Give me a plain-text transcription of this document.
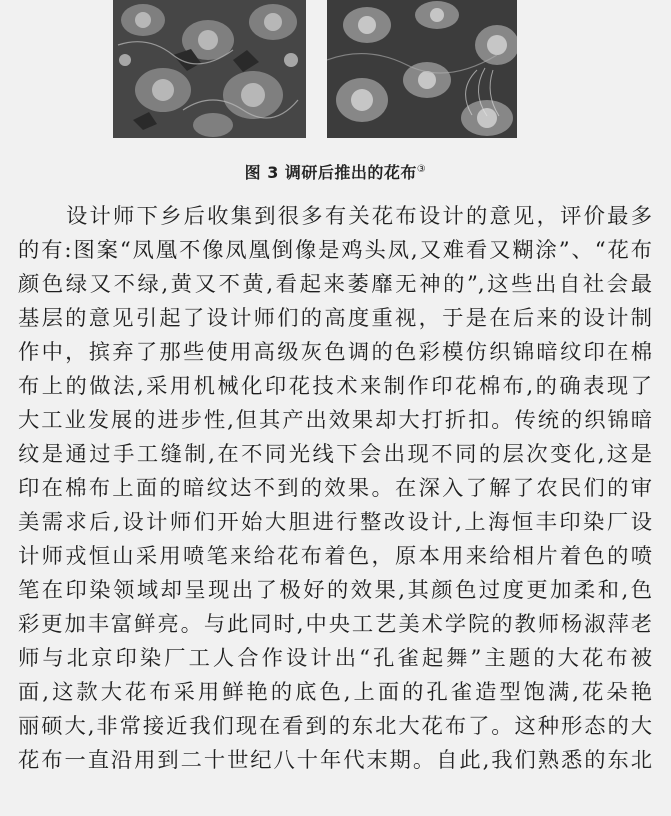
图 3 调研后推出的花布③
设计师下乡后收集到很多有关花布设计的意见，评价最多
的有:图案“凤凰不像凤凰倒像是鸡头凤,又难看又糊涂”、“花布
颜色绿又不绿,黄又不黄,看起来萎靡无神的”,这些出自社会最
基层的意见引起了设计师们的高度重视，于是在后来的设计制
作中，摈弃了那些使用高级灰色调的色彩模仿织锦暗纹印在棉
布上的做法,采用机械化印花技术来制作印花棉布,的确表现了
大工业发展的进步性,但其产出效果却大打折扣。传统的织锦暗
纹是通过手工缝制,在不同光线下会出现不同的层次变化,这是
印在棉布上面的暗纹达不到的效果。在深入了解了农民们的审
美需求后,设计师们开始大胆进行整改设计,上海恒丰印染厂设
计师戎恒山采用喷笔来给花布着色，原本用来给相片着色的喷
笔在印染领域却呈现出了极好的效果,其颜色过度更加柔和,色
彩更加丰富鲜亮。与此同时,中央工艺美术学院的教师杨淑萍老
师与北京印染厂工人合作设计出“孔雀起舞”主题的大花布被
面,这款大花布采用鲜艳的底色,上面的孔雀造型饱满,花朵艳
丽硕大,非常接近我们现在看到的东北大花布了。这种形态的大
花布一直沿用到二十世纪八十年代末期。自此,我们熟悉的东北
